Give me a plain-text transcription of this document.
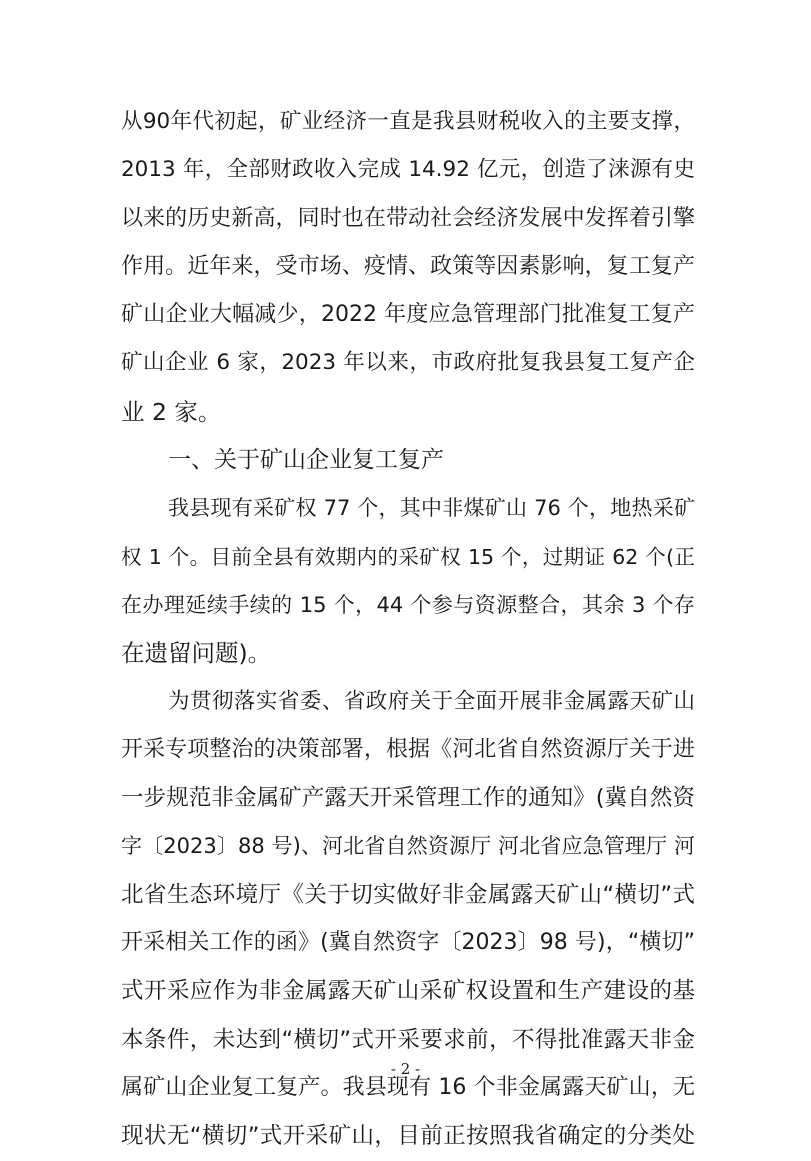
从90年代初起，矿业经济一直是我县财税收入的主要支撑，
2013 年，全部财政收入完成 14.92 亿元，创造了涞源有史
以来的历史新高，同时也在带动社会经济发展中发挥着引擎
作用。近年来，受市场、疫情、政策等因素影响，复工复产
矿山企业大幅减少，2022 年度应急管理部门批准复工复产
矿山企业 6 家，2023 年以来，市政府批复我县复工复产企
业 2 家。
一、关于矿山企业复工复产
我县现有采矿权 77 个，其中非煤矿山 76 个，地热采矿
权 1 个。目前全县有效期内的采矿权 15 个，过期证 62 个(正
在办理延续手续的 15 个，44 个参与资源整合，其余 3 个存
在遗留问题)。
为贯彻落实省委、省政府关于全面开展非金属露天矿山
开采专项整治的决策部署，根据《河北省自然资源厅关于进
一步规范非金属矿产露天开采管理工作的通知》(冀自然资
字〔2023〕88 号)、河北省自然资源厅 河北省应急管理厅 河
北省生态环境厅《关于切实做好非金属露天矿山“横切”式
开采相关工作的函》(冀自然资字〔2023〕98 号)，“横切”
式开采应作为非金属露天矿山采矿权设置和生产建设的基
本条件，未达到“横切”式开采要求前，不得批准露天非金
属矿山企业复工复产。我县现有 16 个非金属露天矿山，无
现状无“横切”式开采矿山，目前正按照我省确定的分类处
- 2 -
